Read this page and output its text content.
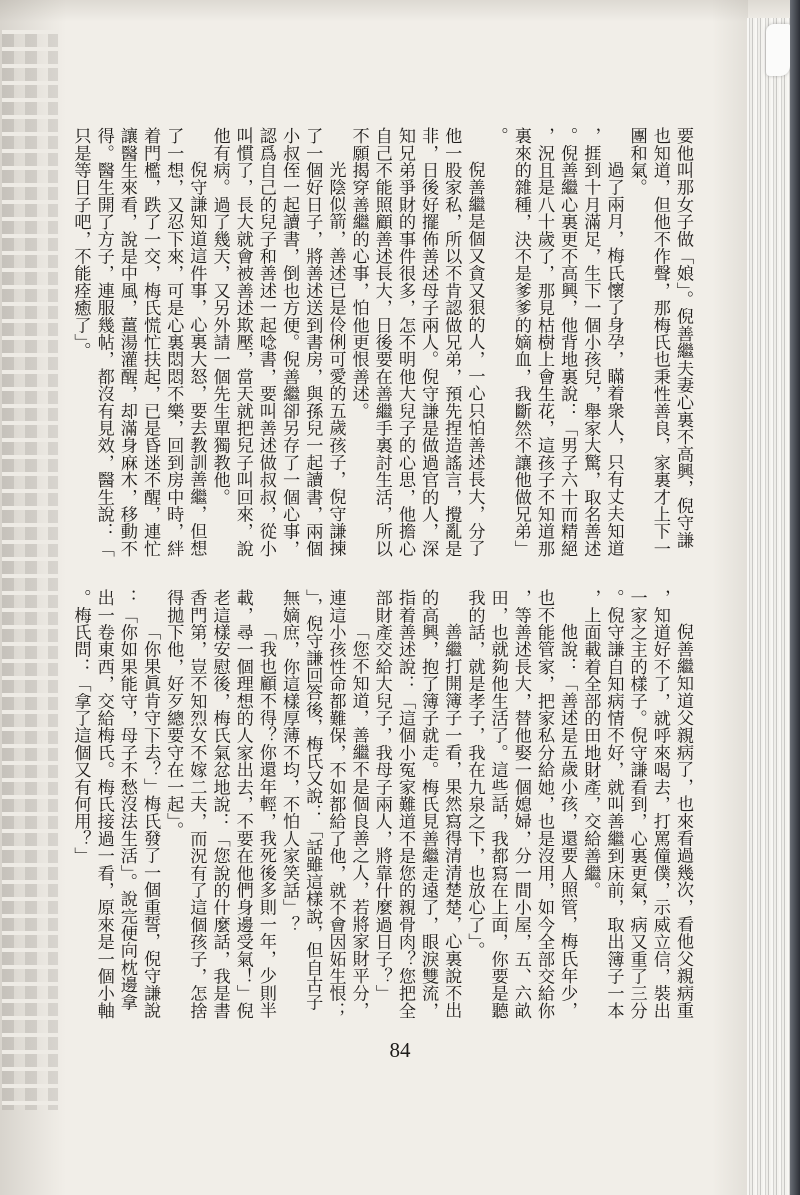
要他叫那女子做「娘」。倪善繼夫妻心裏不高興，倪守謙
也知道，但他不作聲，那梅氏也秉性善良，家裏才上下一
團和氣。
過了兩月，梅氏懷了身孕，瞞着衆人，只有丈夫知道
，捱到十月滿足，生下一個小孩兒，舉家大驚，取名善述
。倪善繼心裏更不高興，他背地裏說：「男子六十而精絕
，況且是八十歲了，那見枯樹上會生花，這孩子不知道那
裏來的雜種，決不是爹爹的嫡血，我斷然不讓他做兄弟」
。
倪善繼是個又貪又狠的人，一心只怕善述長大，分了
他一股家私，所以不肯認做兄弟，預先捏造謠言，攪亂是
非，日後好擺佈善述母子兩人。倪守謙是做過官的人，深
知兄弟爭財的事件很多，怎不明他大兒子的心思，他擔心
自己不能照顧善述長大，日後要在善繼手裏討生活，所以
不願揭穿善繼的心事，怕他更恨善述。
光陰似箭，善述已是伶俐可愛的五歲孩子，倪守謙揀
了一個好日子，將善述送到書房，與孫兒一起讀書，兩個
小叔侄一起讀書，倒也方便。倪善繼卻另存了一個心事，
認爲自己的兒子和善述一起唸書，要叫善述做叔叔，從小
叫慣了，長大就會被善述欺壓，當天就把兒子叫回來，說
他有病。過了幾天，又另外請一個先生單獨教他。
倪守謙知道這件事，心裏大怒，要去教訓善繼，但想
了一想，又忍下來，可是心裏悶悶不樂，回到房中時，絆
着門檻，跌了一交，梅氏慌忙扶起，已是昏迷不醒，連忙
讓醫生來看，說是中風，薑湯灌醒，却滿身麻木，移動不
得。醫生開了方子，連服幾帖，都沒有見效，醫生說：「
只是等日子吧，不能痊癒了」。
倪善繼知道父親病了，也來看過幾次，看他父親病重
，知道好不了，就呼來喝去，打罵僮僕，示威立信，裝出
一家之主的樣子。倪守謙看到，心裏更氣，病又重了三分
。倪守謙自知病情不好，就叫善繼到床前，取出簿子一本
，上面載着全部的田地財產，交給善繼。
他說：「善述是五歲小孩，還要人照管，梅氏年少，
也不能管家，把家私分給她，也是沒用，如今全部交給你
，等善述長大，替他娶一個媳婦，分一間小屋，五、六畝
田，也就夠他生活了。這些話，我都寫在上面，你要是聽
我的話，就是孝子，我在九泉之下，也放心了」。
善繼打開簿子一看，果然寫得清清楚楚，心裏說不出
的高興，抱了簿子就走。梅氏見善繼走遠了，眼淚雙流，
指着善述說：「這個小冤家難道不是您的親骨肉？您把全
部財產交給大兒子，我母子兩人，將靠什麼過日子？」
「您不知道，善繼不是個良善之人，若將家財平分，
連這小孩性命都難保，不如都給了他，就不會因妬生恨；
」，倪守謙回答後，梅氏又說：「話雖這樣說，但自古子
無嫡庶，你這樣厚薄不均，不怕人家笑話」？
「我也顧不得？你還年輕，我死後多則一年，少則半
載，尋一個理想的人家出去，不要在他們身邊受氣！」倪
老這樣安慰後，梅氏氣忿地說：「您說的什麼話，我是書
香門第，豈不知烈女不嫁二夫，而況有了這個孩子，怎捨
得拋下他，好歹總要守在一起」。
「你果眞肯守下去？」梅氏發了一個重誓，倪守謙說
：「你如果能守，母子不愁沒法生活」。說完便向枕邊拿
出一卷東西，交給梅氏。梅氏接過一看，原來是一個小軸
。梅氏問：「拿了這個又有何用？」
84
